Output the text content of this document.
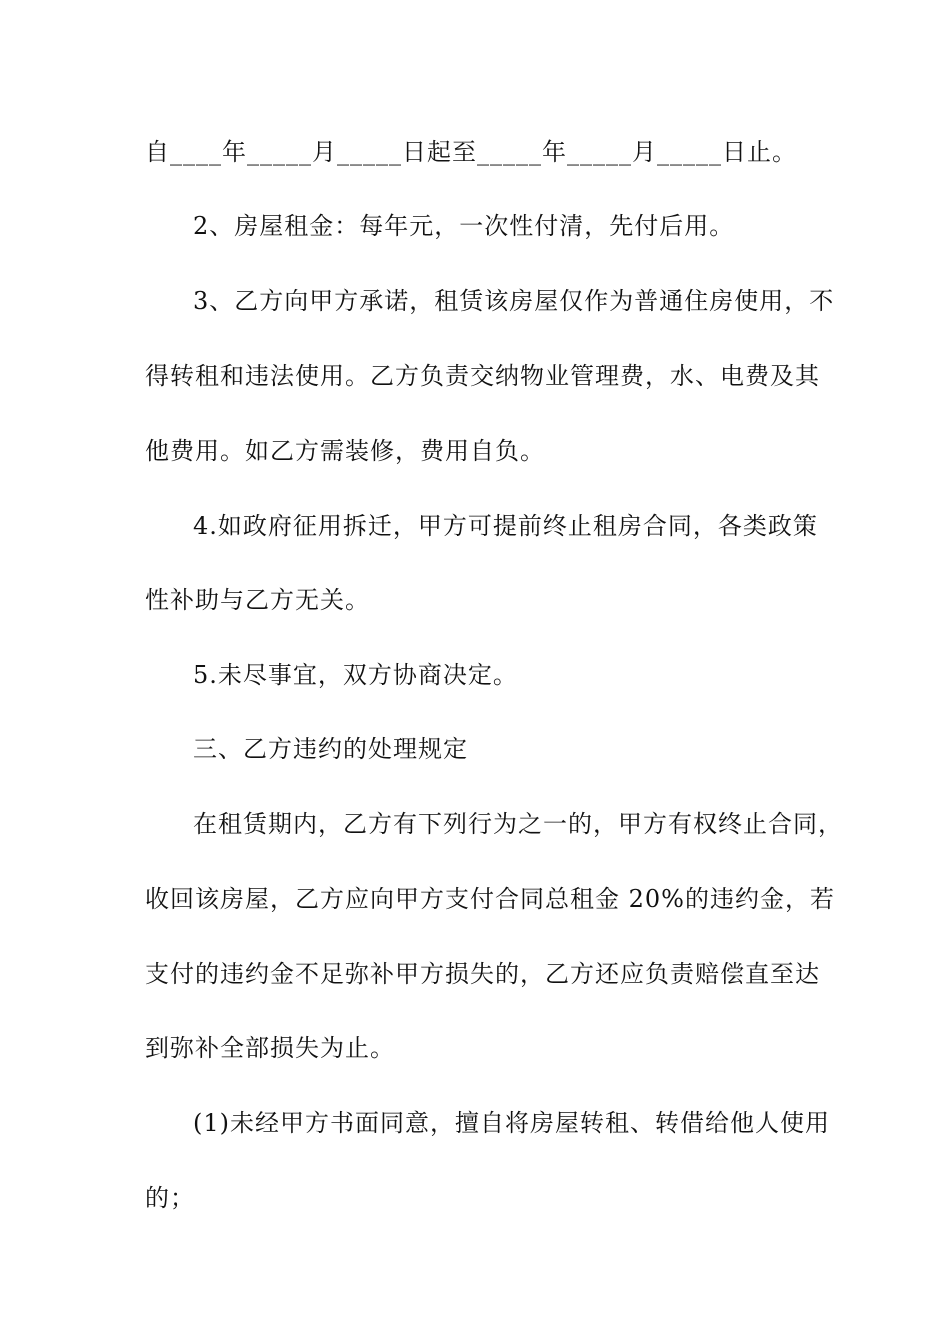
自____年_____月_____日起至_____年_____月_____日止。
2、房屋租金：每年元，一次性付清，先付后用。
3、乙方向甲方承诺，租赁该房屋仅作为普通住房使用，不
得转租和违法使用。乙方负责交纳物业管理费，水、电费及其
他费用。如乙方需装修，费用自负。
4.如政府征用拆迁，甲方可提前终止租房合同，各类政策
性补助与乙方无关。
5.未尽事宜，双方协商决定。
三、乙方违约的处理规定
在租赁期内，乙方有下列行为之一的，甲方有权终止合同，
收回该房屋，乙方应向甲方支付合同总租金 20%的违约金，若
支付的违约金不足弥补甲方损失的，乙方还应负责赔偿直至达
到弥补全部损失为止。
(1)未经甲方书面同意，擅自将房屋转租、转借给他人使用
的；
